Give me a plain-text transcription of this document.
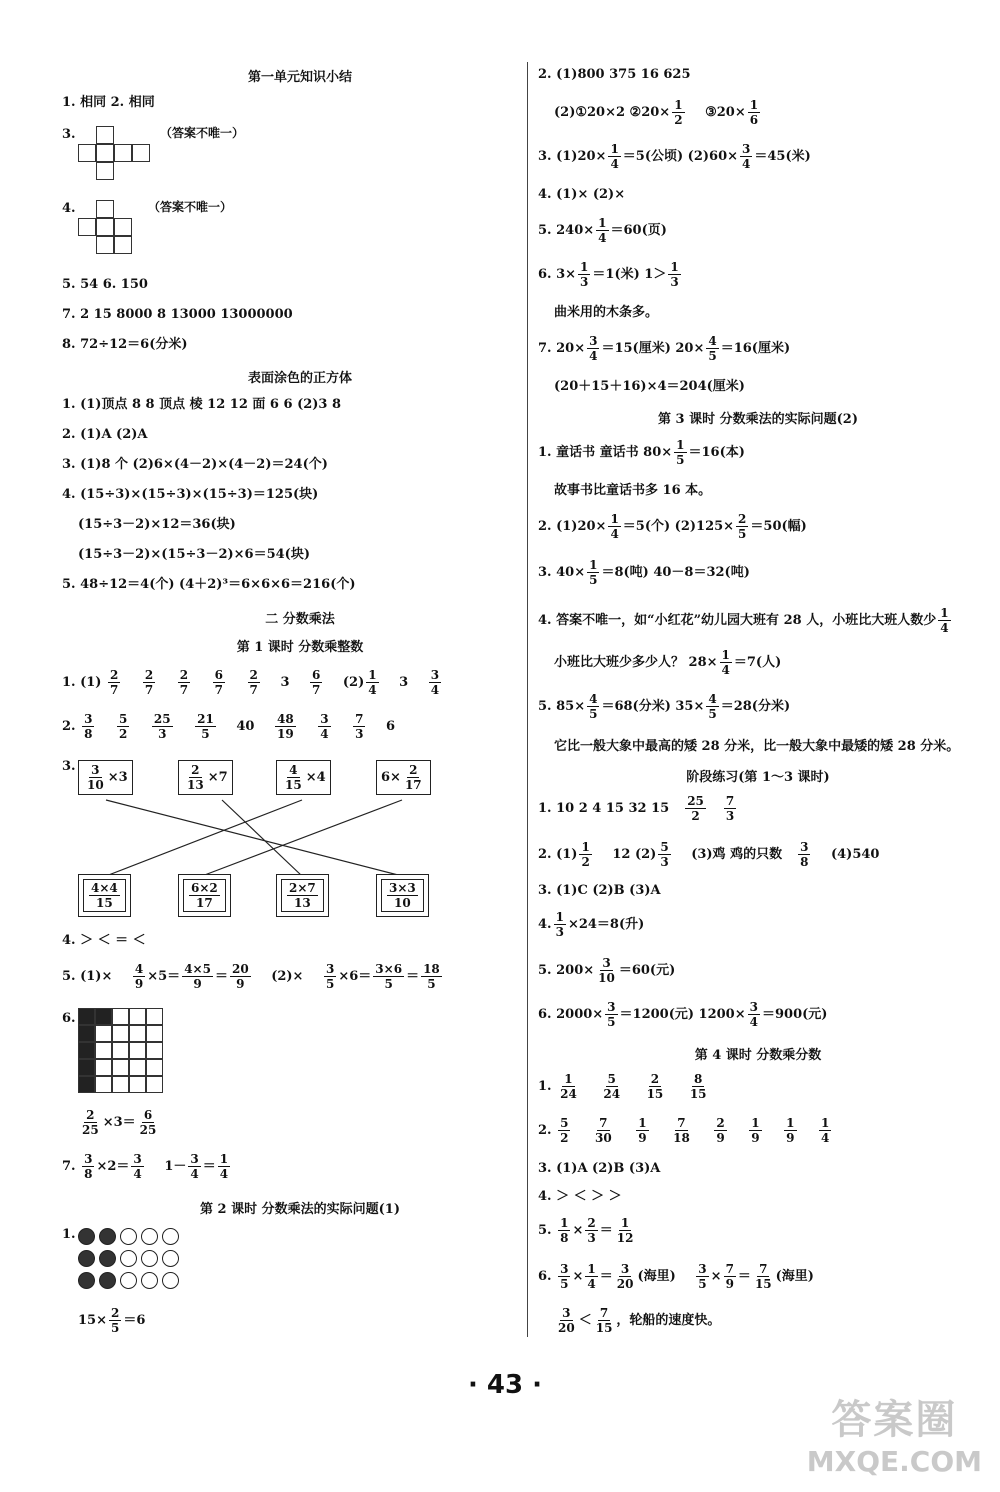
第一单元知识小结
1. 相同 2. 相同
3.	（答案不唯一）
4.	（答案不唯一）
5. 54 6. 150
7. 2 15 8000 8 13000 13000000
8. 72÷12＝6(分米)
表面涂色的正方体
1. (1)顶点 8 8 顶点 棱 12 12 面 6 6 (2)3 8
2. (1)A (2)A
3. (1)8 个 (2)6×(4－2)×(4－2)＝24(个)
4. (15÷3)×(15÷3)×(15÷3)＝125(块)
(15÷3－2)×12＝36(块)
(15÷3－2)×(15÷3－2)×6＝54(块)
5. 48÷12＝4(个) (4＋2)³＝6×6×6＝216(个)
二 分数乘法
第 1 课时 分数乘整数
1. $(1) \frac{2}{7}$
$\frac{2}{7}$
$\frac{2}{7}$
$\frac{6}{7}$
$\frac{2}{7} 3 \frac{6}{7} (2) \frac{1}{4} 3 \frac{3}{4}$
2. $\frac{3}{8}$
$\frac{5}{2}$
$\frac{25}{3}$
$\frac{21}{5} 40 \frac{48}{19}$
$\frac{3}{4}$
$\frac{7}{3} 6$
3. 3
10 ×3	2
13 ×7	4
15 ×4	6× 2
17
4×4
15
6×2
17
2×7
13
3×3
10
4. ＞ ＜ ＝ ＜
5. $(1)\times \frac{4}{9} \times 5= \frac{4\times 5}{9} = \frac{20}{9} (2)\times \frac{3}{5} \times 6= \frac{3\times 6}{5} = \frac{18}{5}$
6.
$\frac{2}{25} \times 3= \frac{6}{25}$
7. $\frac{3}{8} \times 2= \frac{3}{4} 1- \frac{3}{4} = \frac{1}{4}$
第 2 课时 分数乘法的实际问题(1)
1.
$15\times \frac{2}{5} =6$
2. (1)800 375 16 625
(2)①20×2 ②20× $\frac{1}{2}$ ③20× $\frac{1}{6}$
3. $(1)20\times \frac{1}{4} =5$(公顷) $(2)60\times \frac{3}{4} =45$(米)
4. (1)× (2)×
5. $240\times \frac{1}{4} =60$(页)
6. $3\times \frac{1}{3} =1$(米) $1> \frac{1}{3}$
曲米用的木条多。
7. $20\times \frac{3}{4} =15$(厘米) $20\times \frac{4}{5} =16$(厘米)
(20＋15＋16)×4＝204(厘米)
第 3 课时 分数乘法的实际问题(2)
1. 童话书 童话书 $80\times \frac{1}{5} =16$(本)
故事书比童话书多 16 本。
2. $(1)20\times \frac{1}{4} =5$(个) $(2)125\times \frac{2}{5} =50$(幅)
3. $40\times \frac{1}{5} =8$(吨) 40－8＝32(吨)
4. 答案不唯一，如“小红花”幼儿园大班有 28 人，小班比大班人数少 $\frac{1}{4}$
小班比大班少多少人？ $28\times \frac{1}{4} =7$(人)
5. $85\times \frac{4}{5} =68$(分米) $35\times \frac{4}{5} =28$(分米)
它比一般大象中最高的矮 28 分米，比一般大象中最矮的矮 28 分米。
阶段练习(第 1～3 课时)
1. 10 2 4 15 32 $15 \frac{25}{2} \frac{7}{3}$
2. $(1) \frac{1}{2} 12$ $(2) \frac{5}{3} (3)$鸡 鸡的只数 $\frac{3}{8} (4)540$
3. (1)C (2)B (3)A
4. $\frac{1}{3} \times 24=8$(升)
5. $200\times \frac{3}{10} =60$(元)
6. $2000\times \frac{3}{5} =1200$(元) $1200\times \frac{3}{4} =900$(元)
第 4 课时 分数乘分数
1. $\frac{1}{24}$
$\frac{5}{24}$
$\frac{2}{15}$
$\frac{8}{15}$
2. $\frac{5}{2}$
$\frac{7}{30}$
$\frac{1}{9}$
$\frac{7}{18}$
$\frac{2}{9}$
$\frac{1}{9}$
$\frac{1}{9}$
$\frac{1}{4}$
3. (1)A (2)B (3)A
4. ＞ ＜ ＞ ＞
5. $\frac{1}{8} \times \frac{2}{3} = \frac{1}{12}$
6. $\frac{3}{5} \times \frac{1}{4} = \frac{3}{20}$ (海里) $\frac{3}{5} \times \frac{7}{9} = \frac{7}{15}$ (海里)
$\frac{3}{20} < \frac{7}{15}$ ，轮船的速度快。
· 43 ·
答案圈
MXQE.COM
